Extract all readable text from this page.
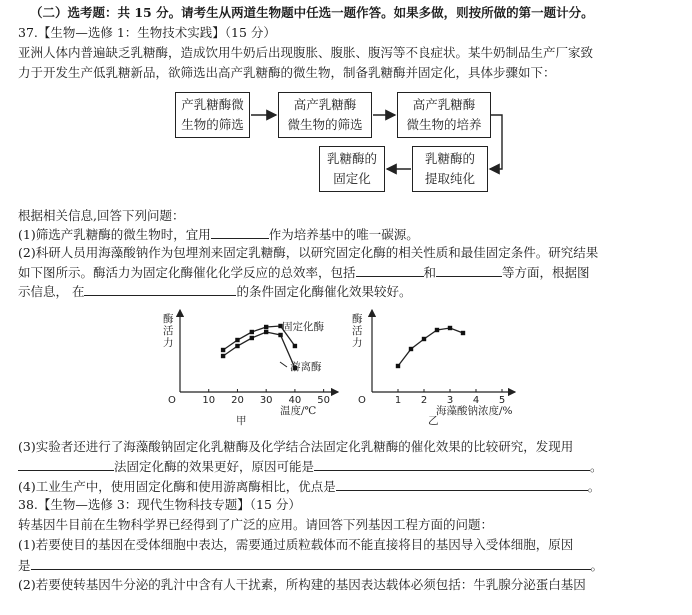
（二）选考题：共 15 分。请考生从两道生物题中任选一题作答。如果多做，则按所做的第一题计分。
37.【生物—选修 1：生物技术实践】（15 分）
亚洲人体内普遍缺乏乳糖酶，造成饮用牛奶后出现腹胀、腹胀、腹泻等不良症状。某牛奶制品生产厂家致
力于开发生产低乳糖新品，欲筛选出高产乳糖酶的微生物，制备乳糖酶并固定化，具体步骤如下：
产乳糖酶微
生物的筛选
高产乳糖酶
微生物的筛选
高产乳糖酶
微生物的培养
乳糖酶的
提取纯化
乳糖酶的
固定化
根据相关信息,回答下列问题：
(1)筛选产乳糖酶的微生物时，宜用	作为培养基中的唯一碳源。
(2)科研人员用海藻酸钠作为包埋剂来固定乳糖酶，以研究固定化酶的相关性质和最佳固定条件。研究结果
如下图所示。酶活力为固定化酶催化化学反应的总效率，包括	和	等方面，根据图
示信息， 在	的条件固定化酶催化效果较好。
酶
活
力
O	10 20 30 40 50
温度/℃
甲
固定化酶
游离酶
酶
活
力
O	1 2 3 4 5
海藻酸钠浓度/%
乙
(3)实验者还进行了海藻酸钠固定化乳糖酶及化学结合法固定化乳糖酶的催化效果的比较研究，发现用
法固定化酶的效果更好，原因可能是	。
(4)工业生产中，使用固定化酶和使用游离酶相比，优点是	。
38.【生物—选修 3：现代生物科技专题】（15 分）
转基因牛目前在生物科学界已经得到了广泛的应用。请回答下列基因工程方面的问题：
(1)若要使目的基因在受体细胞中表达，需要通过质粒载体而不能直接将目的基因导入受体细胞，原因
是	。
(2)若要使转基因牛分泌的乳汁中含有人干扰素，所构建的基因表达载体必须包括：牛乳腺分泌蛋白基因
